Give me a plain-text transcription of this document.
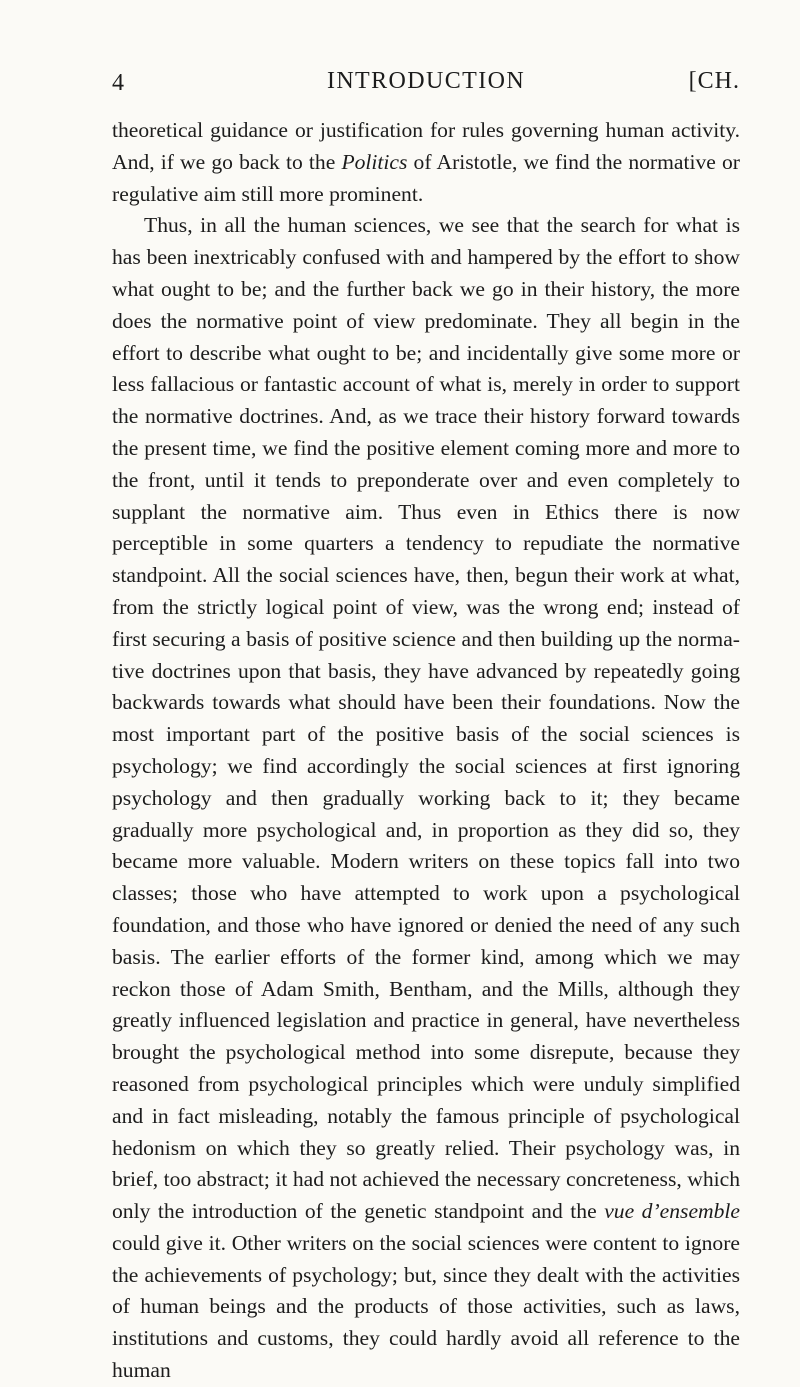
4	INTRODUCTION	[CH.

theoretical guidance or justification for rules governing human activity. And, if we go back to the Politics of Aristotle, we find the normative or regulative aim still more prominent.

Thus, in all the human sciences, we see that the search for what is has been inextricably confused with and hampered by the effort to show what ought to be; and the further back we go in their history, the more does the normative point of view predominate. They all begin in the effort to describe what ought to be; and incidentally give some more or less fallacious or fantastic account of what is, merely in order to support the normative doctrines. And, as we trace their history forward towards the present time, we find the positive element coming more and more to the front, until it tends to preponderate over and even completely to supplant the normative aim. Thus even in Ethics there is now perceptible in some quarters a tendency to repudiate the normative standpoint. All the social sciences have, then, begun their work at what, from the strictly logical point of view, was the wrong end; instead of first securing a basis of positive science and then building up the normative doctrines upon that basis, they have advanced by repeatedly going backwards towards what should have been their foundations. Now the most important part of the positive basis of the social sciences is psychology; we find accordingly the social sciences at first ignoring psychology and then gradually working back to it; they became gradually more psychological and, in proportion as they did so, they became more valuable. Modern writers on these topics fall into two classes; those who have attempted to work upon a psychological foundation, and those who have ignored or denied the need of any such basis. The earlier efforts of the former kind, among which we may reckon those of Adam Smith, Bentham, and the Mills, although they greatly influenced legislation and practice in general, have nevertheless brought the psychological method into some disrepute, because they reasoned from psychological principles which were unduly simplified and in fact misleading, notably the famous principle of psychological hedonism on which they so greatly relied. Their psychology was, in brief, too abstract; it had not achieved the necessary concreteness, which only the introduction of the genetic standpoint and the vue d’ensemble could give it. Other writers on the social sciences were content to ignore the achievements of psychology; but, since they dealt with the activities of human beings and the products of those activities, such as laws, institutions and customs, they could hardly avoid all reference to the human
